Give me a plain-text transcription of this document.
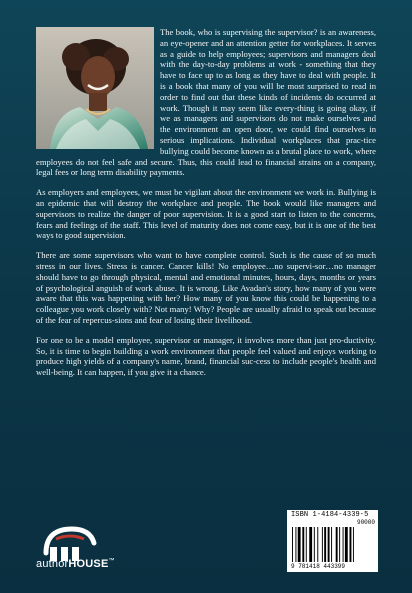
The book, who is supervising the supervisor? is an awareness, an eye-opener and an attention getter for workplaces. It serves as a guide to help employees; supervisors and managers deal with the day-to-day problems at work - something that they have to face up to as long as they have to deal with people. It is a book that many of you will be most surprised to read in order to find out that these kinds of incidents do occurred at work. Though it may seem like every-thing is going okay, if we as managers and supervisors do not make ourselves and the environment an open door, we could find ourselves in serious implications. Individual workplaces that prac-tice bullying could become known as a brutal place to work, where employees do not feel safe and secure. Thus, this could lead to financial strains on a company, legal fees or long term disability payments.

As employers and employees, we must be vigilant about the environment we work in. Bullying is an epidemic that will destroy the workplace and people. The book would like managers and supervisors to realize the danger of poor supervision. It is a good start to listen to the concerns, fears and feelings of the staff. This level of maturity does not come easy, but it is one of the best ways to good supervision.

There are some supervisors who want to have complete control. Such is the cause of so much stress in our lives. Stress is cancer. Cancer kills! No employee…no supervi-sor…no manager should have to go through physical, mental and emotional minutes, hours, days, months or years of psychological anguish of work abuse. It is wrong. Like Avadan's story, how many of you were aware that this was happening with her? How many of you know this could be happening to a colleague you work closely with? Not many! Why? People are usually afraid to speak out because of the fear of repercus-sions and fear of losing their livelihood.

For one to be a model employee, supervisor or manager, it involves more than just pro-ductivity. So, it is time to begin building a work environment that people feel valued and enjoys working to produce high yields of a company's name, brand, financial suc-cess to include people's health and well-being. It can happen, if you give it a chance.

authorHOUSE™
ISBN 1-4184-4339-5
90000
9 781418 443399
